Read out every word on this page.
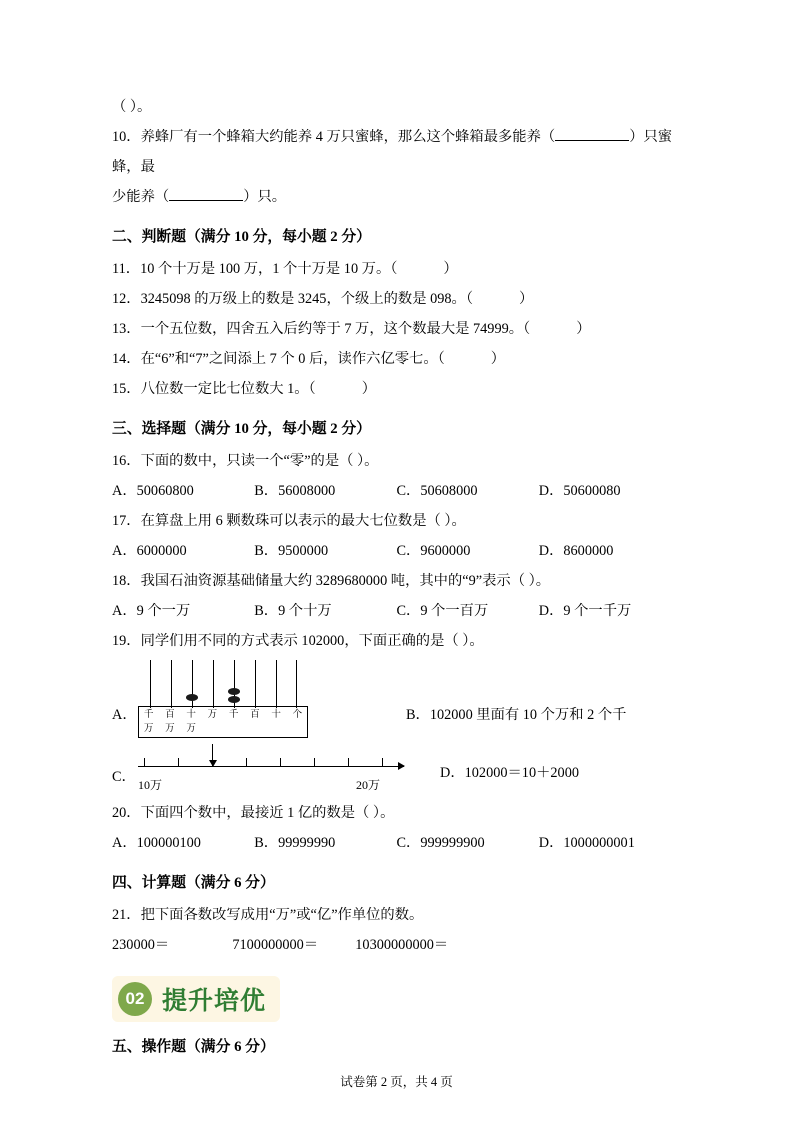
（ ）。
10．养蜂厂有一个蜂箱大约能养 4 万只蜜蜂，那么这个蜂箱最多能养（	）只蜜蜂，最
少能养（	）只。
二、判断题（满分 10 分，每小题 2 分）
11．10 个十万是 100 万，1 个十万是 10 万。（	）
12．3245098 的万级上的数是 3245，个级上的数是 098。（	）
13．一个五位数，四舍五入后约等于 7 万，这个数最大是 74999。（	）
14．在“6”和“7”之间添上 7 个 0 后，读作六亿零七。（	）
15．八位数一定比七位数大 1。（	）
三、选择题（满分 10 分，每小题 2 分）
16．下面的数中，只读一个“零”的是（ ）。
A．50060800	B．56008000	C．50608000	D．50600080
17．在算盘上用 6 颗数珠可以表示的最大七位数是（ ）。
A．6000000	B．9500000	C．9600000	D．8600000
18．我国石油资源基础储量大约 3289680000 吨，其中的“9”表示（ ）。
A．9 个一万	B．9 个十万	C．9 个一百万	D．9 个一千万
19．同学们用不同的方式表示 102000，下面正确的是（ ）。
A． 千
万
百
万
十
万
万	千	百	十	个	B．102000 里面有 10 个万和 2 个千
C． 10万	20万
D．102000＝10＋2000
20．下面四个数中，最接近 1 亿的数是（ ）。
A．100000100	B．99999990	C．999999900	D．1000000001
四、计算题（满分 6 分）
21．把下面各数改写成用“万”或“亿”作单位的数。
230000＝	7100000000＝	10300000000＝
02 提升培优
五、操作题（满分 6 分）
试卷第 2 页，共 4 页
